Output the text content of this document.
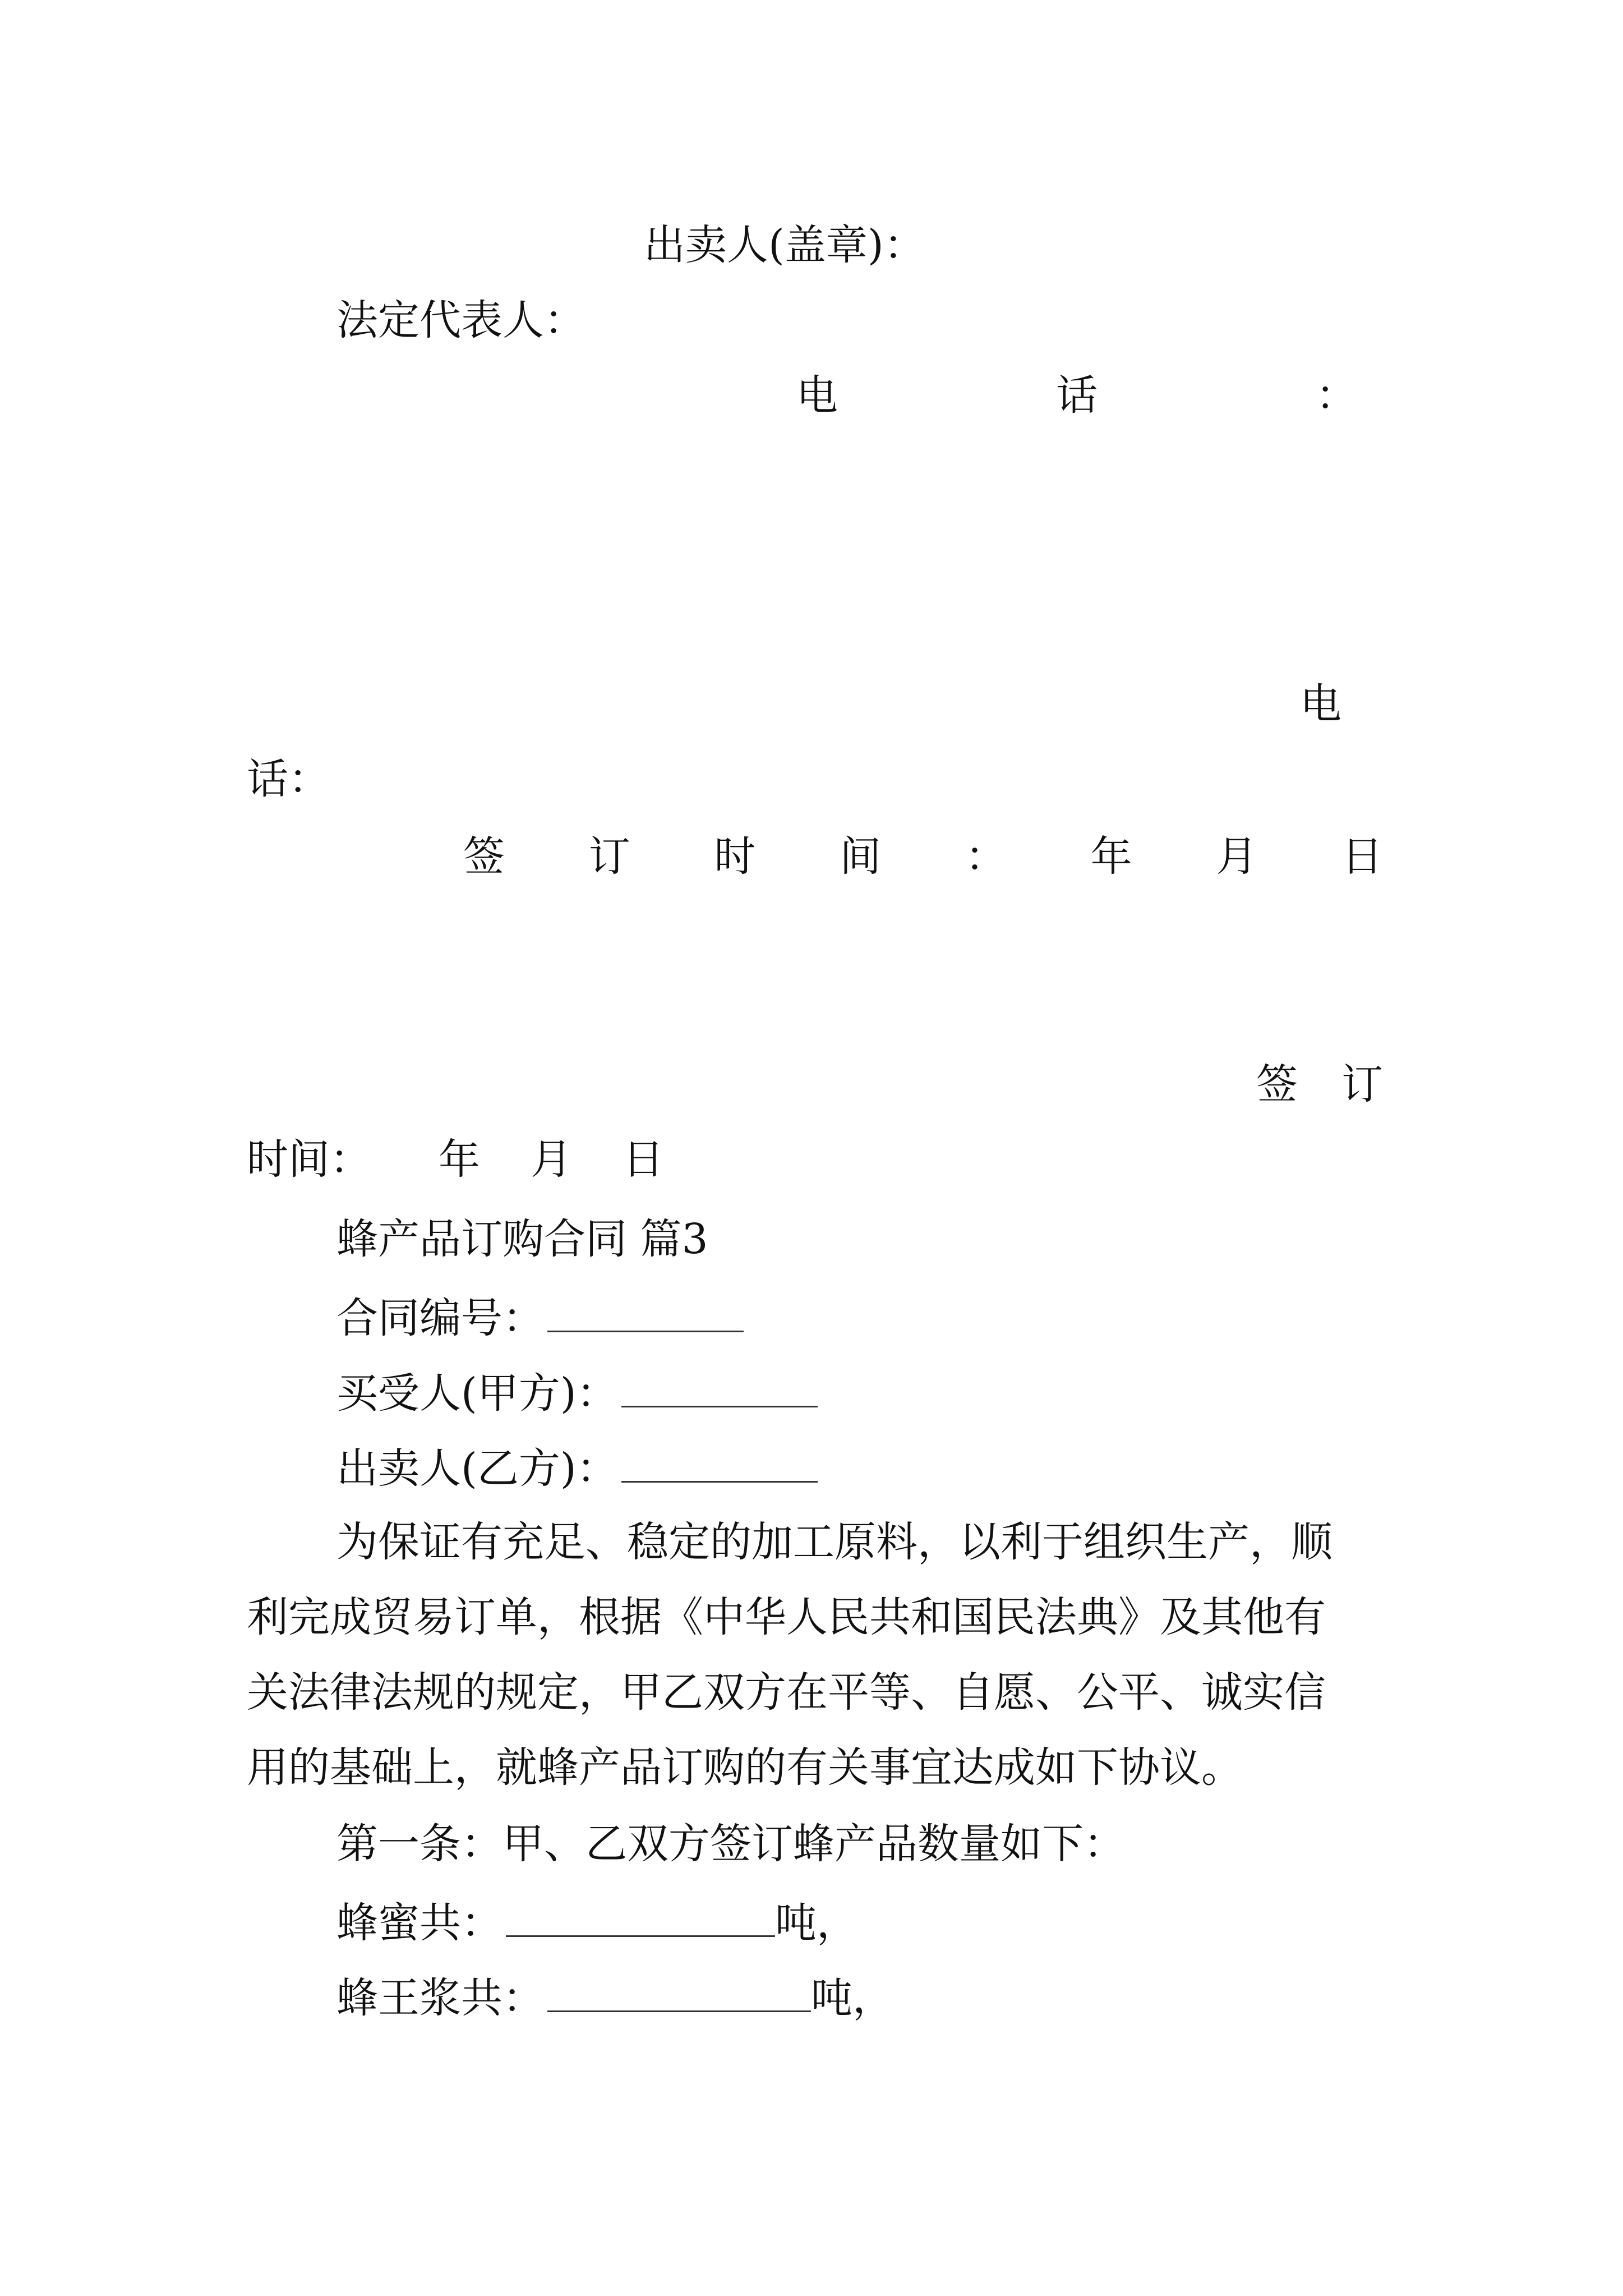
出卖人(盖章)：
法定代表人：
电	话	：
电
话：
签 订 时 间 ： 年 月 日
签 订
时间： 年 月 日
蜂产品订购合同 篇3
合同编号：
买受人(甲方)：
出卖人(乙方)：
为保证有充足、稳定的加工原料，以利于组织生产，顺
利完成贸易订单，根据《中华人民共和国民法典》及其他有
关法律法规的规定，甲乙双方在平等、自愿、公平、诚实信
用的基础上，就蜂产品订购的有关事宜达成如下协议。
第一条：甲、乙双方签订蜂产品数量如下：
蜂蜜共：	吨，
蜂王浆共：	吨，
